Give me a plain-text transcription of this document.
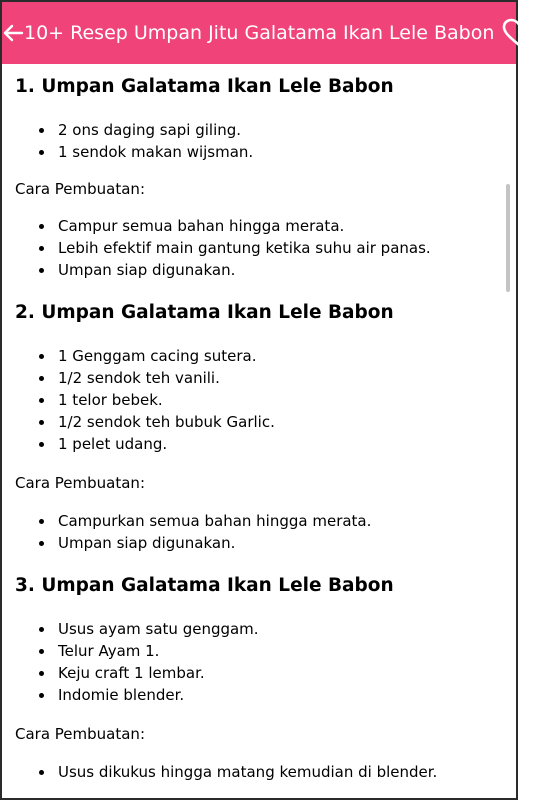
10+ Resep Umpan Jitu Galatama Ikan Lele Babon
1. Umpan Galatama Ikan Lele Babon
2 ons daging sapi giling.
1 sendok makan wijsman.

Cara Pembuatan:

Campur semua bahan hingga merata.
Lebih efektif main gantung ketika suhu air panas.
Umpan siap digunakan.
2. Umpan Galatama Ikan Lele Babon
1 Genggam cacing sutera.
1/2 sendok teh vanili.
1 telor bebek.
1/2 sendok teh bubuk Garlic.
1 pelet udang.

Cara Pembuatan:

Campurkan semua bahan hingga merata.
Umpan siap digunakan.
3. Umpan Galatama Ikan Lele Babon
Usus ayam satu genggam.
Telur Ayam 1.
Keju craft 1 lembar.
Indomie blender.

Cara Pembuatan:

Usus dikukus hingga matang kemudian di blender.
